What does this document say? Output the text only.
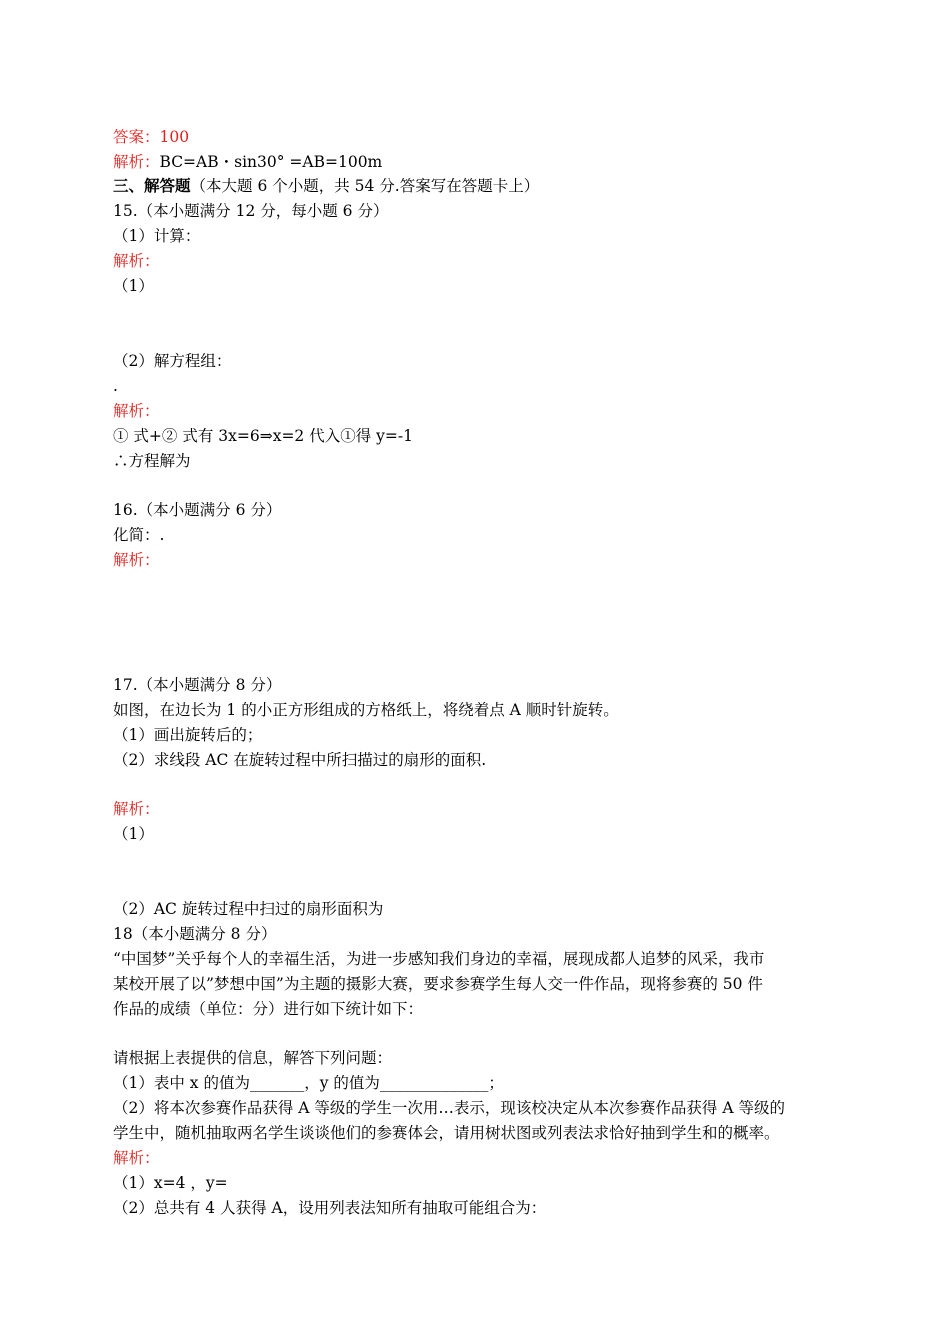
答案：100
解析：BC=AB・sin30° =AB=100m
三、解答题（本大题 6 个小题，共 54 分.答案写在答题卡上）
15.（本小题满分 12 分，每小题 6 分）
（1）计算：
解析：
（1）
（2）解方程组：
.
解析：
① 式+② 式有 3x=6⇒x=2 代入①得 y=-1
∴方程解为
16.（本小题满分 6 分）
化简：.
解析：
17.（本小题满分 8 分）
如图，在边长为 1 的小正方形组成的方格纸上，将绕着点 A 顺时针旋转。
（1）画出旋转后的；
（2）求线段 AC 在旋转过程中所扫描过的扇形的面积.
解析：
（1）
（2）AC 旋转过程中扫过的扇形面积为
18（本小题满分 8 分）
“中国梦”关乎每个人的幸福生活，为进一步感知我们身边的幸福，展现成都人追梦的风采，我市
某校开展了以”梦想中国”为主题的摄影大赛，要求参赛学生每人交一件作品，现将参赛的 50 件
作品的成绩（单位：分）进行如下统计如下：
请根据上表提供的信息，解答下列问题：
（1）表中 x 的值为_______，y 的值为______________；
（2）将本次参赛作品获得 A 等级的学生一次用…表示，现该校决定从本次参赛作品获得 A 等级的
学生中，随机抽取两名学生谈谈他们的参赛体会，请用树状图或列表法求恰好抽到学生和的概率。
解析：
（1）x=4 ，y=
（2）总共有 4 人获得 A，设用列表法知所有抽取可能组合为：
